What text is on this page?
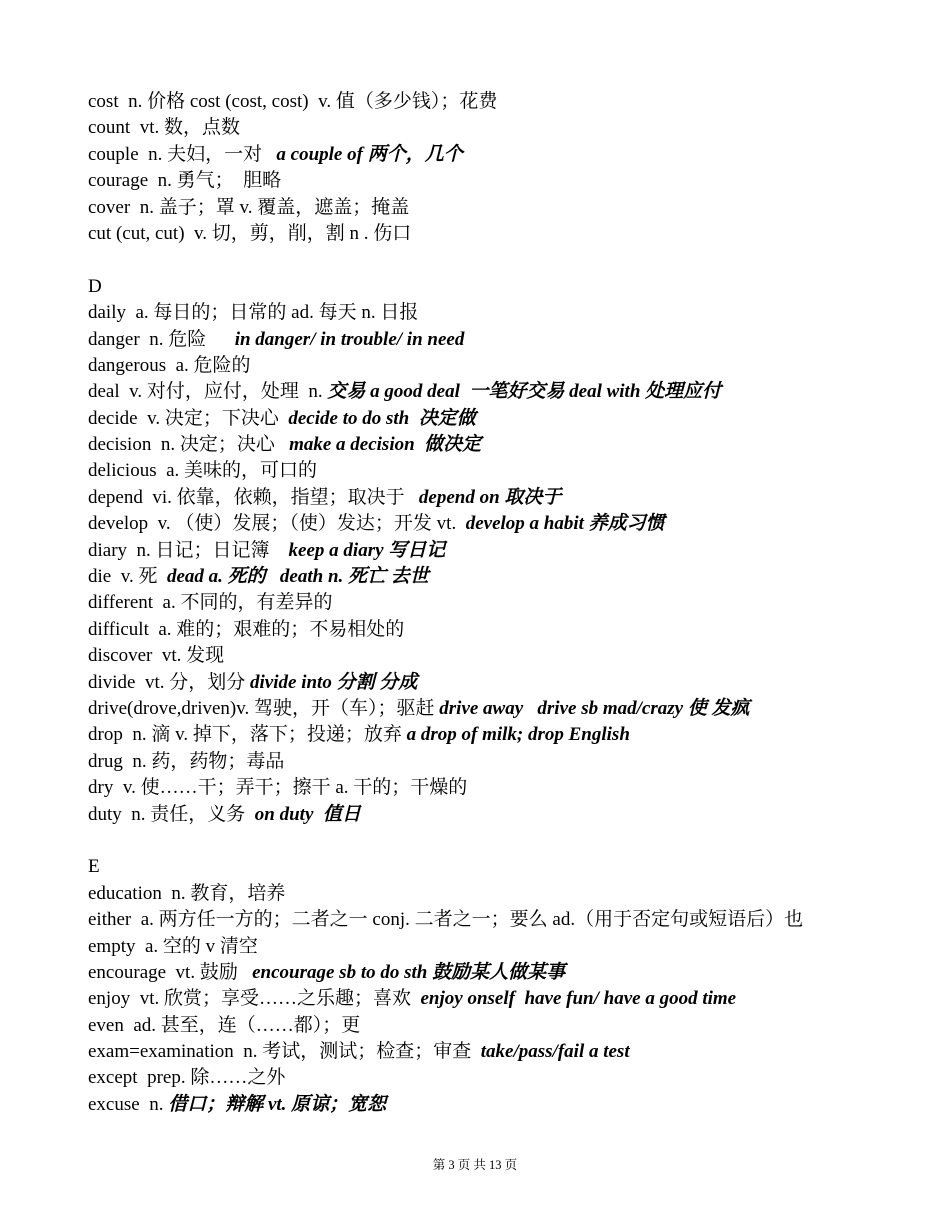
cost  n. 价格 cost (cost, cost)  v. 值（多少钱）；花费
count  vt. 数，点数
couple  n. 夫妇，一对   a couple of 两个，几个
courage  n. 勇气；  胆略
cover  n. 盖子；罩 v. 覆盖，遮盖；掩盖
cut (cut, cut)  v. 切，剪，削，割 n . 伤口
D
daily  a. 每日的；日常的 ad. 每天 n. 日报
danger  n. 危险      in danger/ in trouble/ in need
dangerous  a. 危险的
deal  v. 对付，应付，处理  n. 交易 a good deal  一笔好交易 deal with 处理应付
decide  v. 决定；下决心  decide to do sth  决定做
decision  n. 决定；决心   make a decision  做决定
delicious  a. 美味的，可口的
depend  vi. 依靠，依赖，指望；取决于   depend on 取决于
develop  v. （使）发展；（使）发达；开发 vt.  develop a habit 养成习惯
diary  n. 日记；日记簿    keep a diary 写日记
die  v. 死  dead a. 死的   death n. 死亡 去世
different  a. 不同的，有差异的
difficult  a. 难的；艰难的；不易相处的
discover  vt. 发现
divide  vt. 分，划分 divide into 分割 分成
drive(drove,driven)v. 驾驶，开（车）；驱赶 drive away   drive sb mad/crazy 使 发疯
drop  n. 滴 v. 掉下，落下；投递；放弃 a drop of milk; drop English
drug  n. 药，药物；毒品
dry  v. 使……干；弄干；擦干 a. 干的；干燥的
duty  n. 责任，义务  on duty  值日
E
education  n. 教育，培养
either  a. 两方任一方的；二者之一 conj. 二者之一；要么 ad.（用于否定句或短语后）也
empty  a. 空的 v 清空
encourage  vt. 鼓励   encourage sb to do sth 鼓励某人做某事
enjoy  vt. 欣赏；享受……之乐趣；喜欢  enjoy onself  have fun/ have a good time
even  ad. 甚至，连（……都）；更
exam=examination  n. 考试，测试；检查；审查  take/pass/fail a test
except  prep. 除……之外
excuse  n. 借口；辩解 vt. 原谅；宽恕
第 3 页 共 13 页
